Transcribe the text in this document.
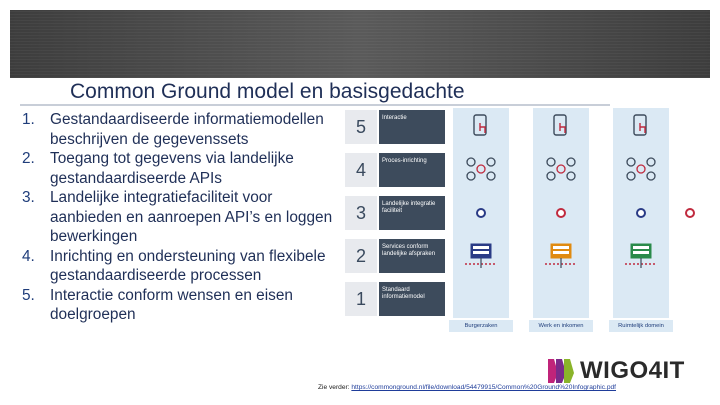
Common Ground model en basisgedachte
1. Gestandaardiseerde informatiemodellen beschrijven de gegevenssets
2. Toegang tot gegevens via landelijke gestandaardiseerde APIs
3. Landelijke integratiefaciliteit voor aanbieden en aanroepen API’s en loggen bewerkingen
4. Inrichting en ondersteuning van flexibele gestandaardiseerde processen
5. Interactie conform wensen en eisen doelgroepen
5	Interactie
4	Proces-inrichting
3	Landelijke integratie faciliteit
2	Services conform landelijke afspraken
1	Standaard informatiemodel
Burgerzaken	Werk en inkomen	Ruimtelijk domein
WIGO4IT
Zie verder: https://commonground.nl/file/download/54479915/Common%20Ground%20Infographic.pdf
